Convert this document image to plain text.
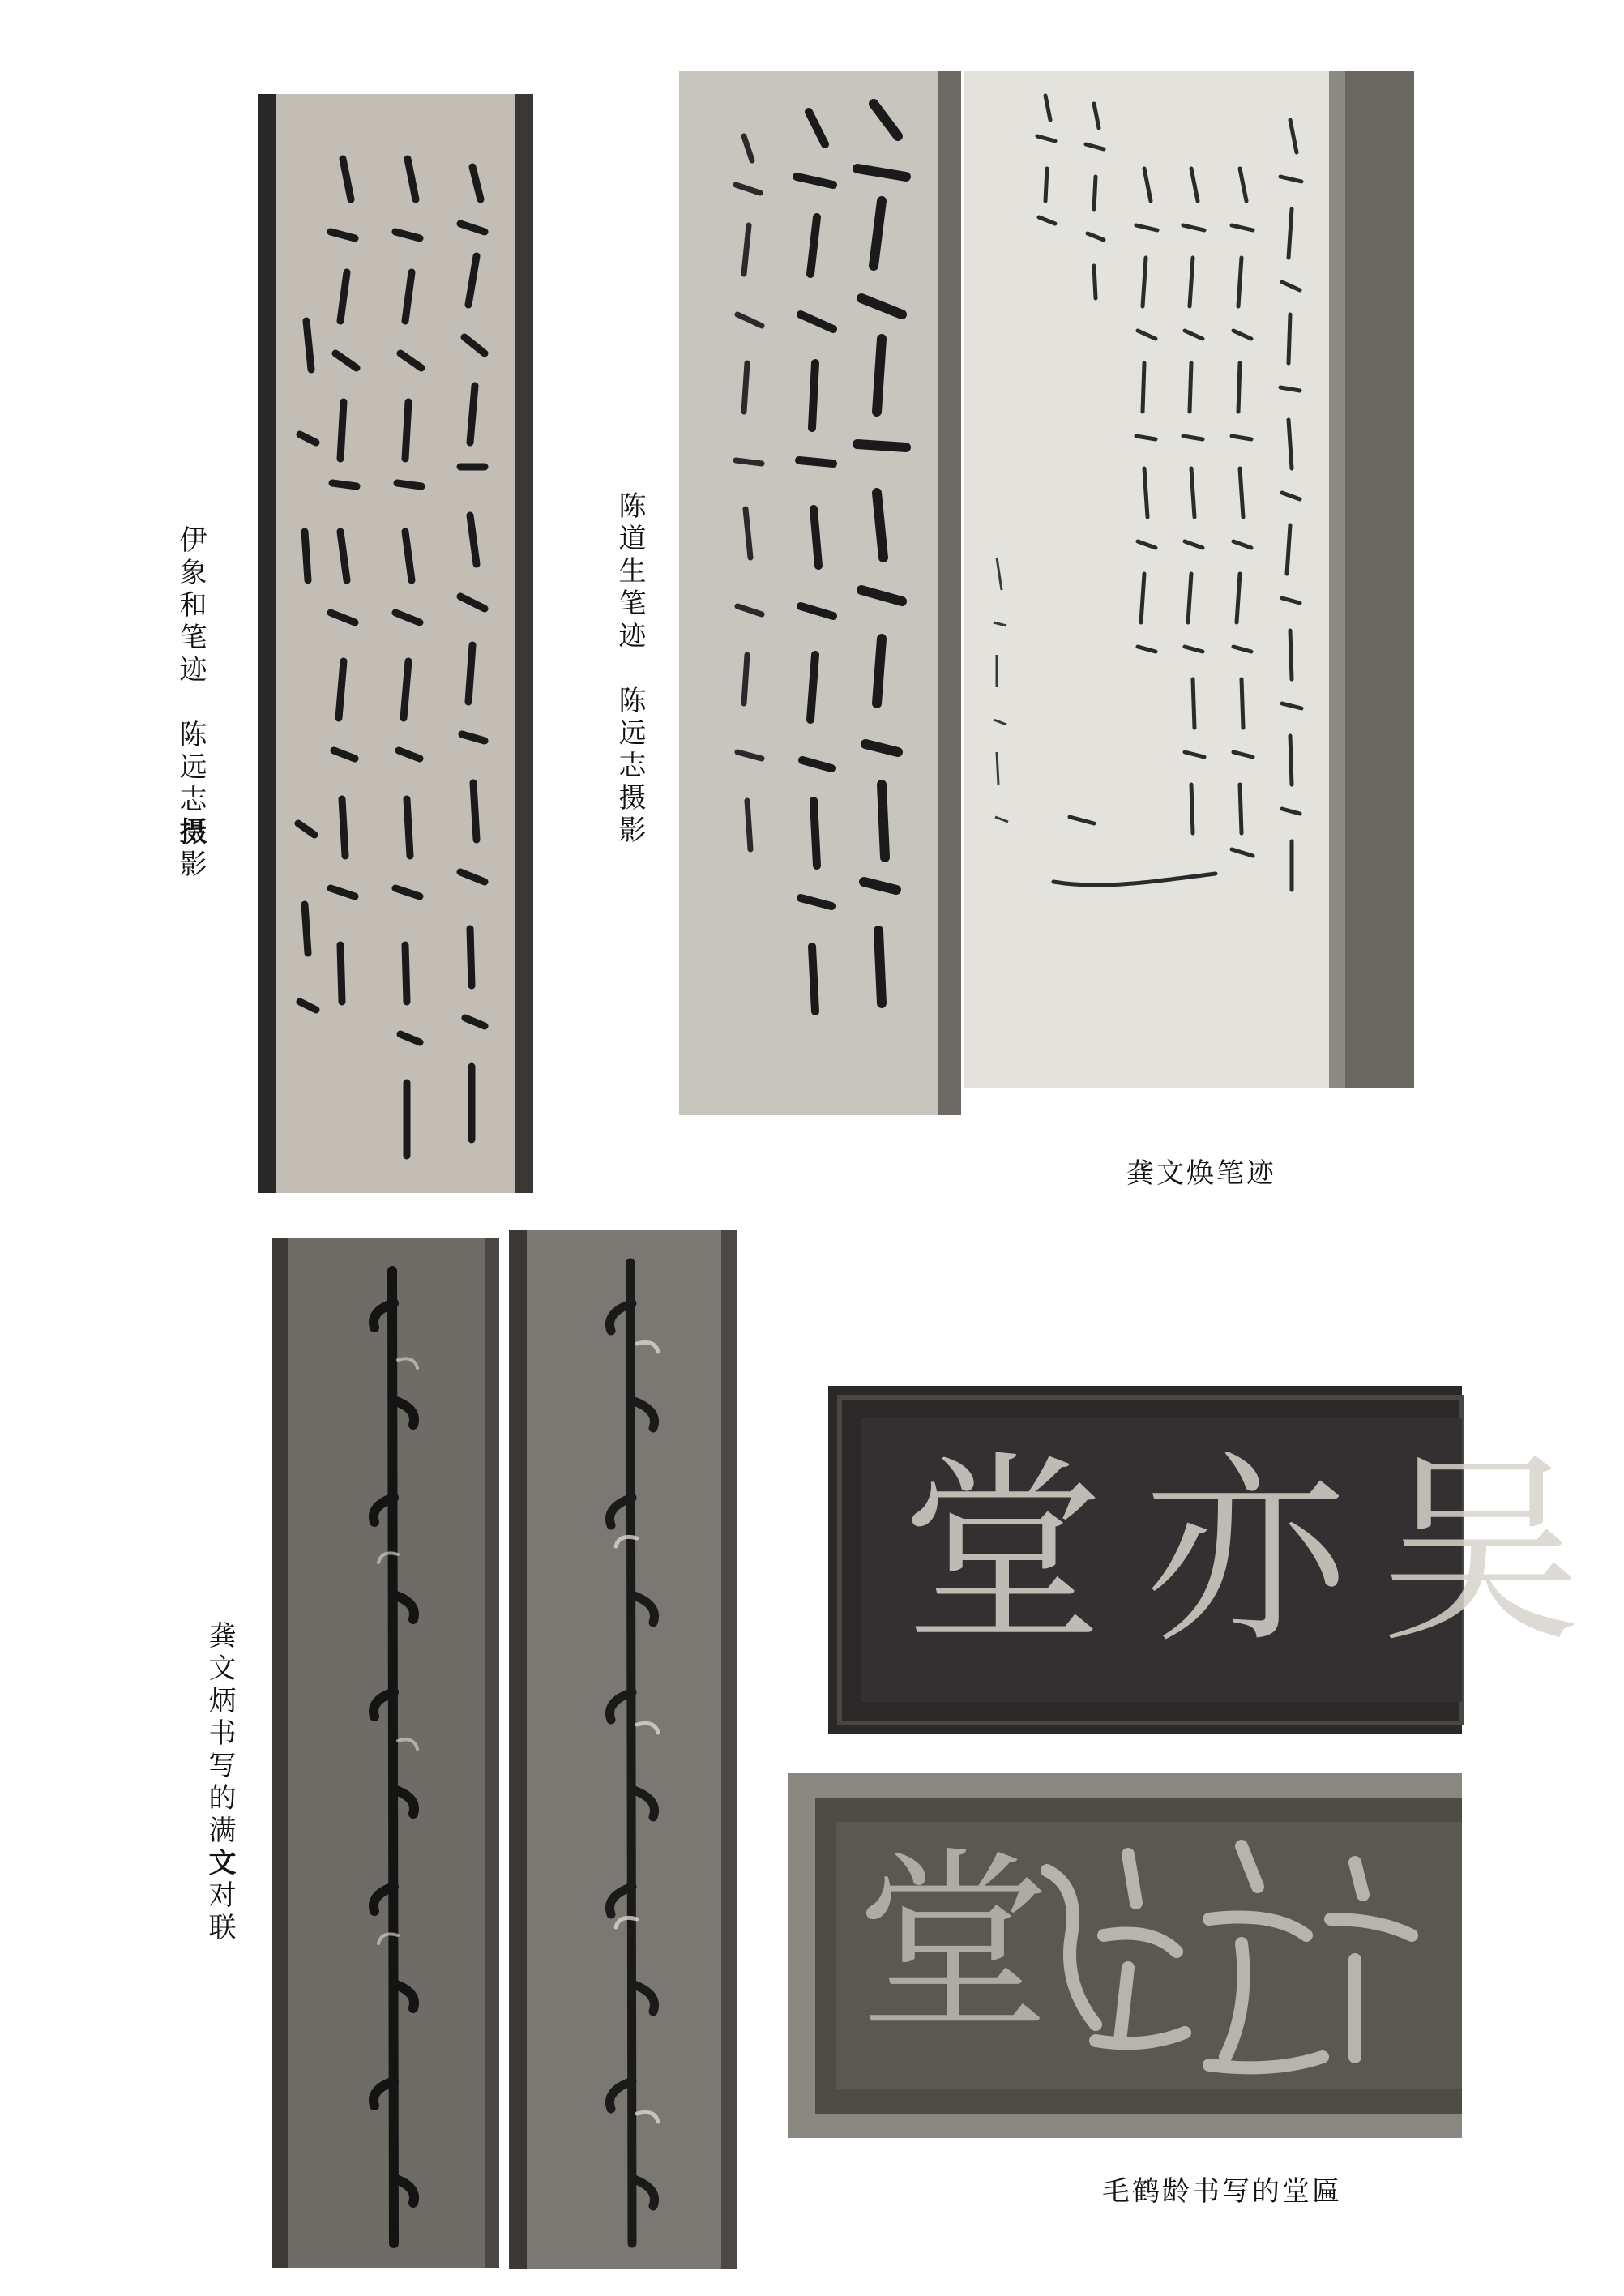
伊象和笔迹陈远志摄影
陈道生笔迹　陈远志摄影
龚文焕笔迹
龚文炳书写的满文对联
堂 亦 吴
堂
毛鹤龄书写的堂匾
